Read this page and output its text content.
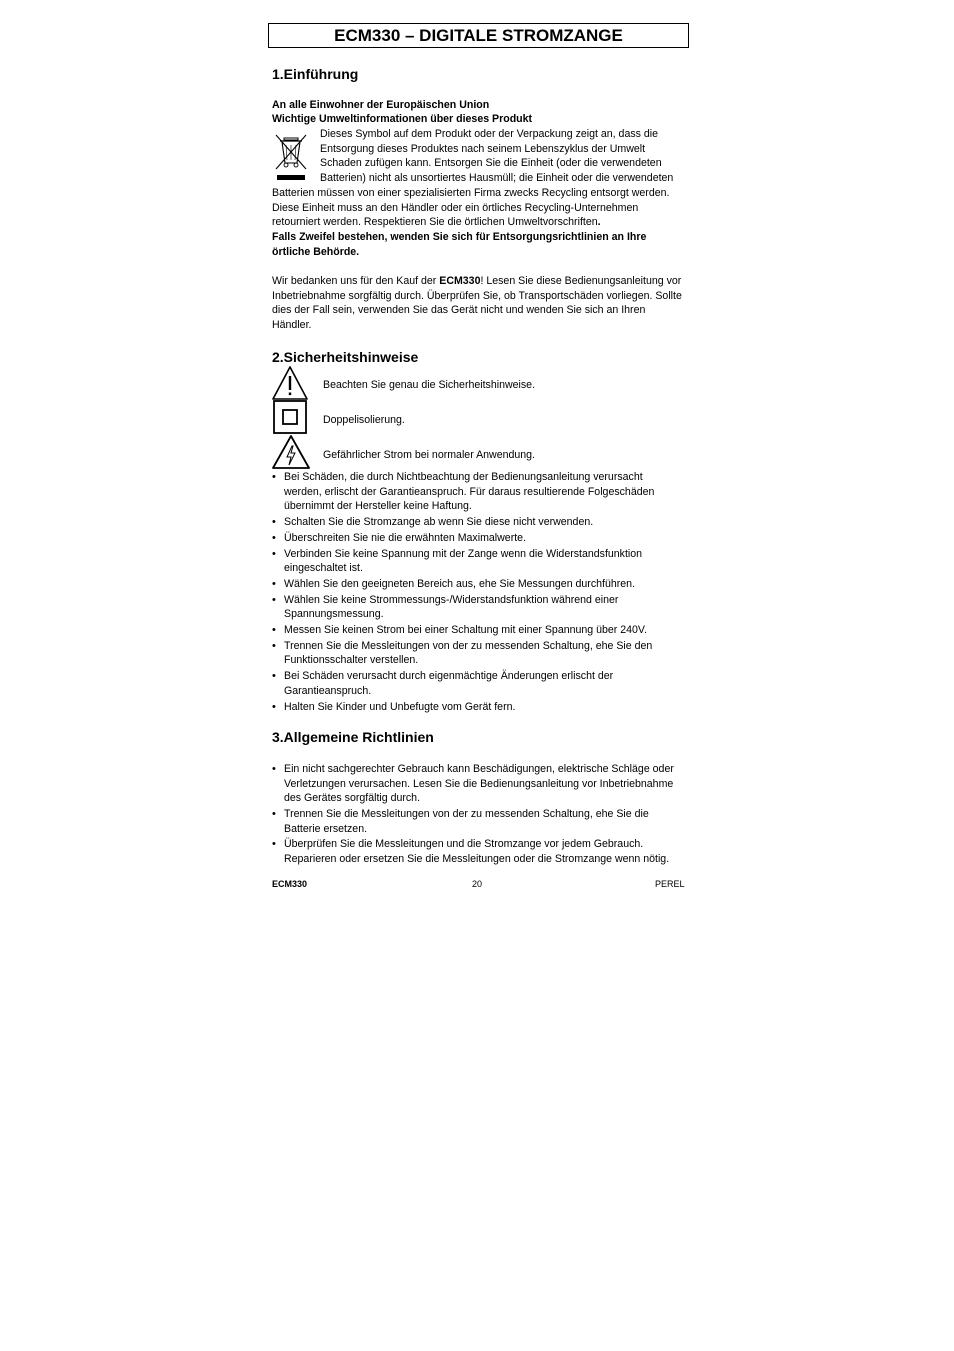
ECM330 – DIGITALE STROMZANGE
1.Einführung

An alle Einwohner der Europäischen Union

Wichtige Umweltinformationen über dieses Produkt

Dieses Symbol auf dem Produkt oder der Verpackung zeigt an, dass die Entsorgung dieses Produktes nach seinem Lebenszyklus der Umwelt Schaden zufügen kann. Entsorgen Sie die Einheit (oder die verwendeten Batterien) nicht als unsortiertes Hausmüll; die Einheit oder die verwendeten

Batterien müssen von einer spezialisierten Firma zwecks Recycling entsorgt werden. Diese Einheit muss an den Händler oder ein örtliches Recycling-Unternehmen retourniert werden. Respektieren Sie die örtlichen Umweltvorschriften.

Falls Zweifel bestehen, wenden Sie sich für Entsorgungsrichtlinien an Ihre örtliche Behörde.

Wir bedanken uns für den Kauf der ECM330! Lesen Sie diese Bedienungsanleitung vor Inbetriebnahme sorgfältig durch. Überprüfen Sie, ob Transportschäden vorliegen. Sollte dies der Fall sein, verwenden Sie das Gerät nicht und wenden Sie sich an Ihren Händler.

2.Sicherheitshinweise
Beachten Sie genau die Sicherheitshinweise.
Doppelisolierung.
Gefährlicher Strom bei normaler Anwendung.
• Bei Schäden, die durch Nichtbeachtung der Bedienungsanleitung verursacht werden, erlischt der Garantieanspruch. Für daraus resultierende Folgeschäden übernimmt der Hersteller keine Haftung.
• Schalten Sie die Stromzange ab wenn Sie diese nicht verwenden.
• Überschreiten Sie nie die erwähnten Maximalwerte.
• Verbinden Sie keine Spannung mit der Zange wenn die Widerstandsfunktion eingeschaltet ist.
• Wählen Sie den geeigneten Bereich aus, ehe Sie Messungen durchführen.
• Wählen Sie keine Strommessungs-/Widerstandsfunktion während einer Spannungsmessung.
• Messen Sie keinen Strom bei einer Schaltung mit einer Spannung über 240V.
• Trennen Sie die Messleitungen von der zu messenden Schaltung, ehe Sie den Funktionsschalter verstellen.
• Bei Schäden verursacht durch eigenmächtige Änderungen erlischt der Garantieanspruch.
• Halten Sie Kinder und Unbefugte vom Gerät fern.
3.Allgemeine Richtlinien
• Ein nicht sachgerechter Gebrauch kann Beschädigungen, elektrische Schläge oder Verletzungen verursachen. Lesen Sie die Bedienungsanleitung vor Inbetriebnahme des Gerätes sorgfältig durch.
• Trennen Sie die Messleitungen von der zu messenden Schaltung, ehe Sie die Batterie ersetzen.
• Überprüfen Sie die Messleitungen und die Stromzange vor jedem Gebrauch. Reparieren oder ersetzen Sie die Messleitungen oder die Stromzange wenn nötig.
ECM330	20	PEREL
